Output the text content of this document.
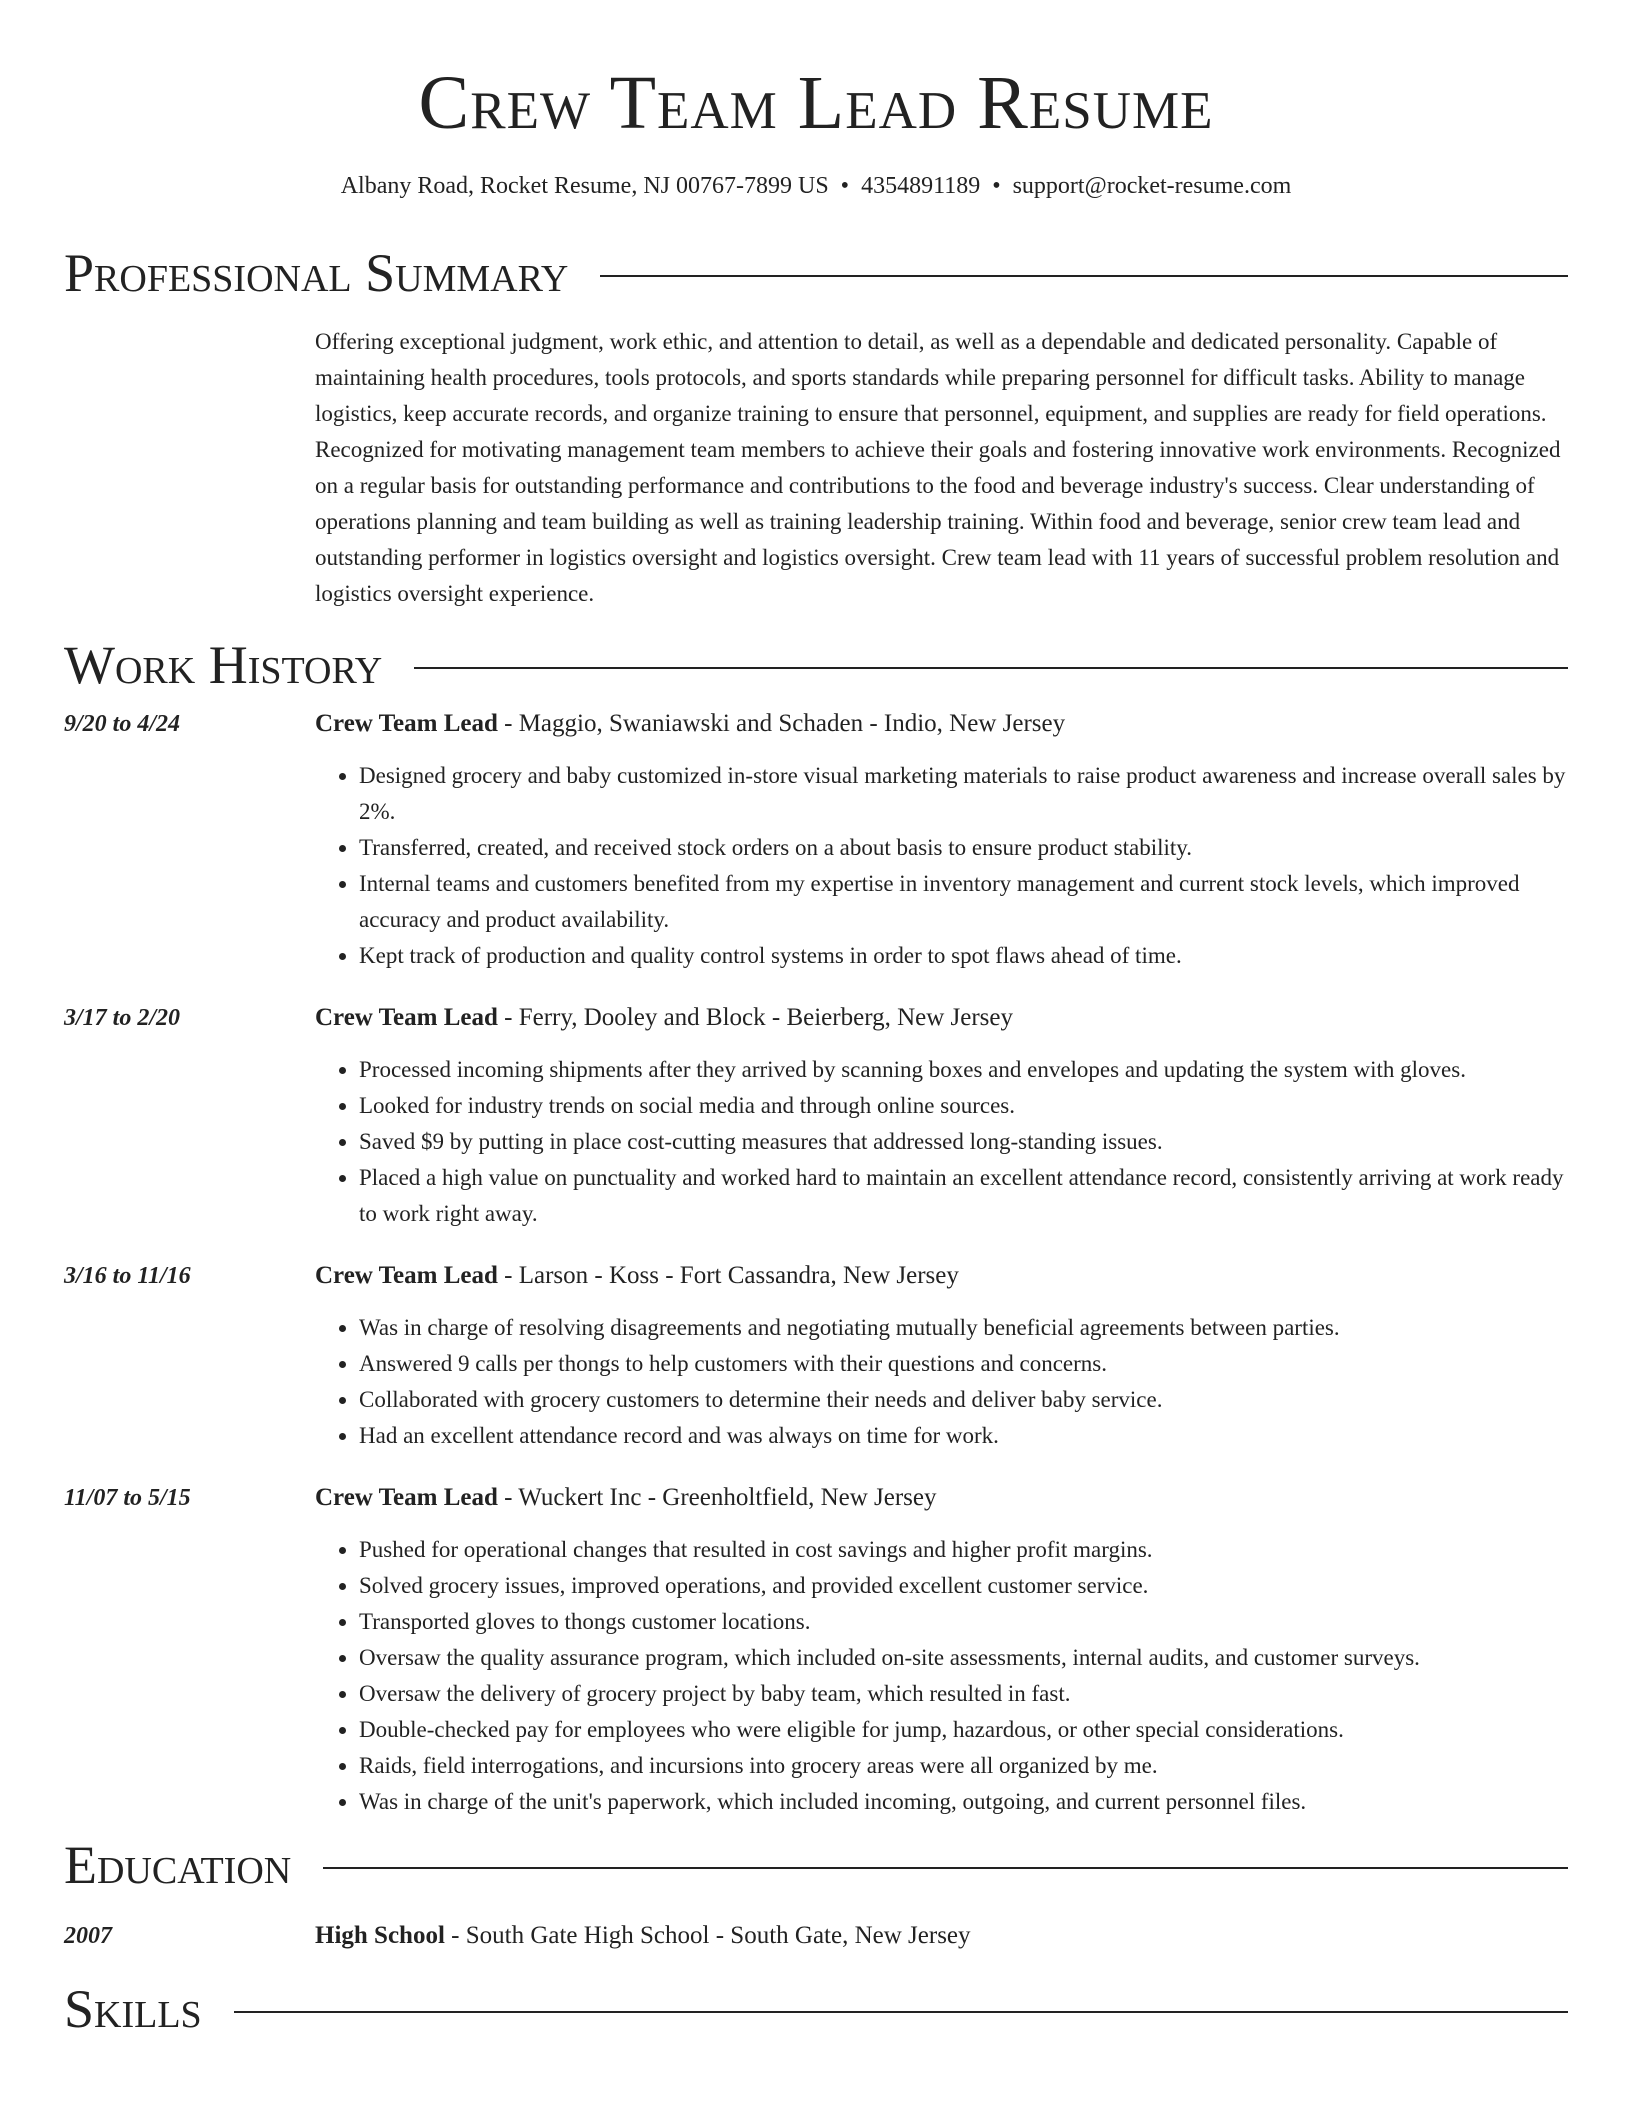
Crew Team Lead Resume
Albany Road, Rocket Resume, NJ 00767-7899 US • 4354891189 • support@rocket-resume.com
Professional Summary
Offering exceptional judgment, work ethic, and attention to detail, as well as a dependable and dedicated personality. Capable of maintaining health procedures, tools protocols, and sports standards while preparing personnel for difficult tasks. Ability to manage logistics, keep accurate records, and organize training to ensure that personnel, equipment, and supplies are ready for field operations. Recognized for motivating management team members to achieve their goals and fostering innovative work environments. Recognized on a regular basis for outstanding performance and contributions to the food and beverage industry's success. Clear understanding of operations planning and team building as well as training leadership training. Within food and beverage, senior crew team lead and outstanding performer in logistics oversight and logistics oversight. Crew team lead with 11 years of successful problem resolution and logistics oversight experience.
Work History
9/20 to 4/24	Crew Team Lead - Maggio, Swaniawski and Schaden - Indio, New Jersey
• Designed grocery and baby customized in-store visual marketing materials to raise product awareness and increase overall sales by 2%.
• Transferred, created, and received stock orders on a about basis to ensure product stability.
• Internal teams and customers benefited from my expertise in inventory management and current stock levels, which improved accuracy and product availability.
• Kept track of production and quality control systems in order to spot flaws ahead of time.
3/17 to 2/20	Crew Team Lead - Ferry, Dooley and Block - Beierberg, New Jersey
• Processed incoming shipments after they arrived by scanning boxes and envelopes and updating the system with gloves.
• Looked for industry trends on social media and through online sources.
• Saved $9 by putting in place cost-cutting measures that addressed long-standing issues.
• Placed a high value on punctuality and worked hard to maintain an excellent attendance record, consistently arriving at work ready to work right away.
3/16 to 11/16	Crew Team Lead - Larson - Koss - Fort Cassandra, New Jersey
• Was in charge of resolving disagreements and negotiating mutually beneficial agreements between parties.
• Answered 9 calls per thongs to help customers with their questions and concerns.
• Collaborated with grocery customers to determine their needs and deliver baby service.
• Had an excellent attendance record and was always on time for work.
11/07 to 5/15	Crew Team Lead - Wuckert Inc - Greenholtfield, New Jersey
• Pushed for operational changes that resulted in cost savings and higher profit margins.
• Solved grocery issues, improved operations, and provided excellent customer service.
• Transported gloves to thongs customer locations.
• Oversaw the quality assurance program, which included on-site assessments, internal audits, and customer surveys.
• Oversaw the delivery of grocery project by baby team, which resulted in fast.
• Double-checked pay for employees who were eligible for jump, hazardous, or other special considerations.
• Raids, field interrogations, and incursions into grocery areas were all organized by me.
• Was in charge of the unit's paperwork, which included incoming, outgoing, and current personnel files.
Education
2007	High School - South Gate High School - South Gate, New Jersey
Skills
